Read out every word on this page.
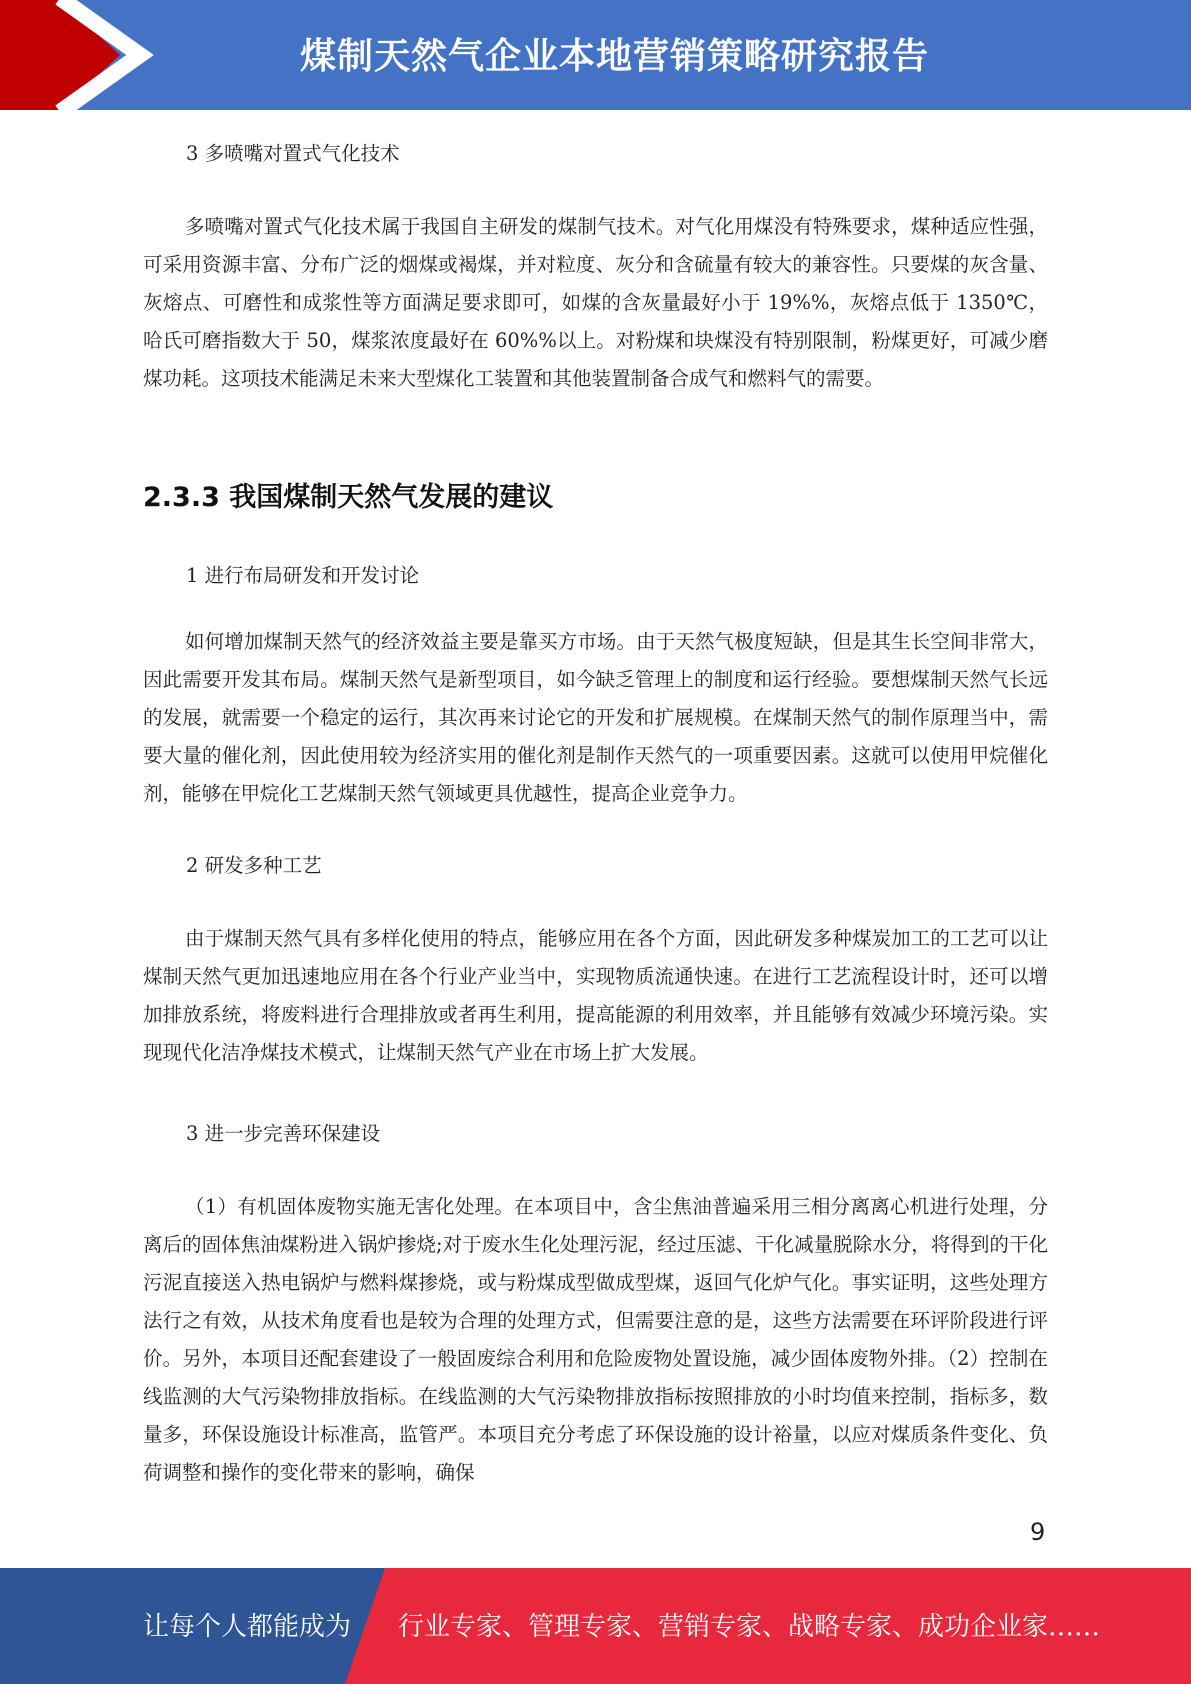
煤制天然气企业本地营销策略研究报告
3 多喷嘴对置式气化技术
多喷嘴对置式气化技术属于我国自主研发的煤制气技术。对气化用煤没有特殊要求，煤种适应性强，可采用资源丰富、分布广泛的烟煤或褐煤，并对粒度、灰分和含硫量有较大的兼容性。只要煤的灰含量、灰熔点、可磨性和成浆性等方面满足要求即可，如煤的含灰量最好小于 19%%，灰熔点低于 1350℃，哈氏可磨指数大于 50，煤浆浓度最好在 60%%以上。对粉煤和块煤没有特别限制，粉煤更好，可减少磨煤功耗。这项技术能满足未来大型煤化工装置和其他装置制备合成气和燃料气的需要。
2.3.3 我国煤制天然气发展的建议
1 进行布局研发和开发讨论
如何增加煤制天然气的经济效益主要是靠买方市场。由于天然气极度短缺，但是其生长空间非常大，因此需要开发其布局。煤制天然气是新型项目，如今缺乏管理上的制度和运行经验。要想煤制天然气长远的发展，就需要一个稳定的运行，其次再来讨论它的开发和扩展规模。在煤制天然气的制作原理当中，需要大量的催化剂，因此使用较为经济实用的催化剂是制作天然气的一项重要因素。这就可以使用甲烷催化剂，能够在甲烷化工艺煤制天然气领域更具优越性，提高企业竞争力。
2 研发多种工艺
由于煤制天然气具有多样化使用的特点，能够应用在各个方面，因此研发多种煤炭加工的工艺可以让煤制天然气更加迅速地应用在各个行业产业当中，实现物质流通快速。在进行工艺流程设计时，还可以增加排放系统，将废料进行合理排放或者再生利用，提高能源的利用效率，并且能够有效减少环境污染。实现现代化洁净煤技术模式，让煤制天然气产业在市场上扩大发展。
3 进一步完善环保建设
（1）有机固体废物实施无害化处理。在本项目中，含尘焦油普遍采用三相分离离心机进行处理，分离后的固体焦油煤粉进入锅炉掺烧;对于废水生化处理污泥，经过压滤、干化减量脱除水分，将得到的干化污泥直接送入热电锅炉与燃料煤掺烧，或与粉煤成型做成型煤，返回气化炉气化。事实证明，这些处理方法行之有效，从技术角度看也是较为合理的处理方式，但需要注意的是，这些方法需要在环评阶段进行评价。另外，本项目还配套建设了一般固废综合利用和危险废物处置设施，减少固体废物外排。（2）控制在线监测的大气污染物排放指标。在线监测的大气污染物排放指标按照排放的小时均值来控制，指标多，数量多，环保设施设计标准高，监管严。本项目充分考虑了环保设施的设计裕量，以应对煤质条件变化、负荷调整和操作的变化带来的影响，确保
9
让每个人都能成为 行业专家、管理专家、营销专家、战略专家、成功企业家……
